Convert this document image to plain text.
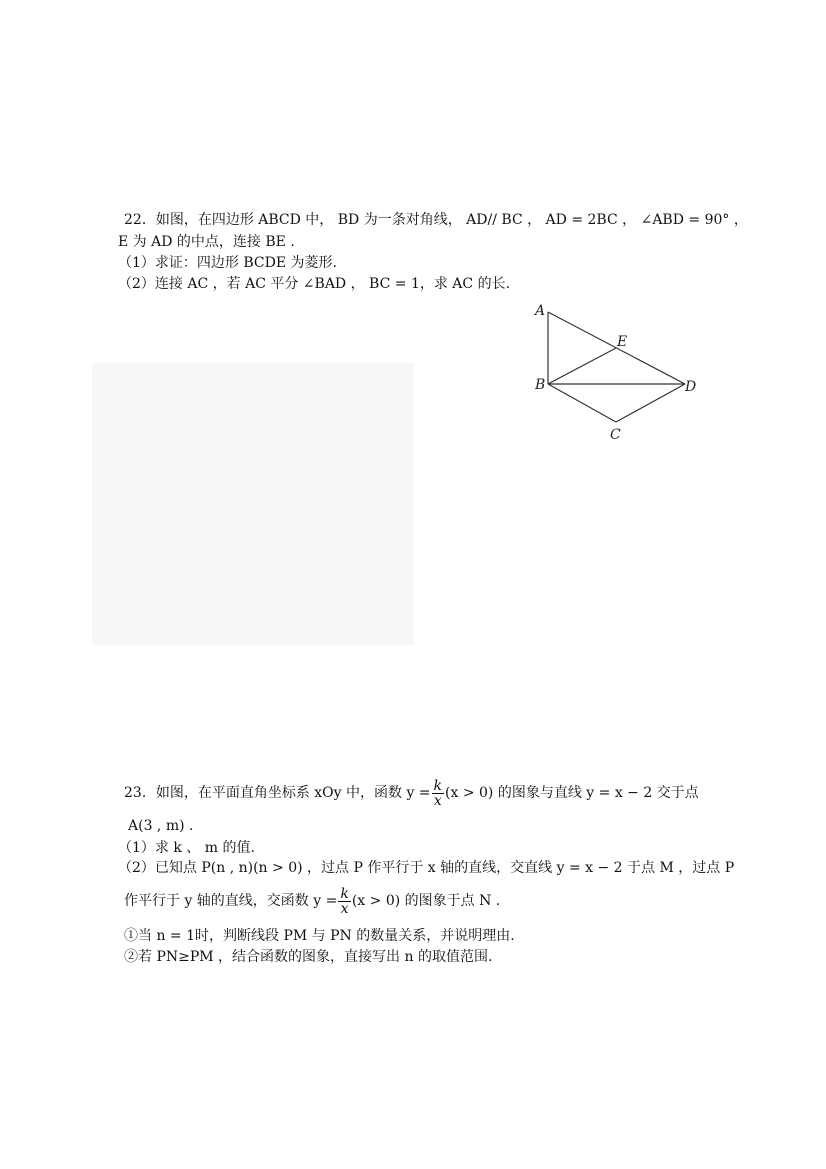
22．如图，在四边形 ABCD 中， BD 为一条对角线， AD// BC ， AD = 2BC ， ∠ABD = 90° ，
E 为 AD 的中点，连接 BE .
（1）求证：四边形 BCDE 为菱形.
（2）连接 AC ，若 AC 平分 ∠BAD ， BC = 1，求 AC 的长.
A
E
B	D
C
23．如图，在平面直角坐标系 xOy 中，函数 $y = \frac{k}{x} (x > 0)$ 的图象与直线 y = x − 2 交于点
A(3 , m) .
（1）求 k 、 m 的值.
（2）已知点 P(n , n)(n > 0) ，过点 P 作平行于 x 轴的直线，交直线 y = x − 2 于点 M ，过点 P
作平行于 y 轴的直线，交函数 $y = \frac{k}{x} (x > 0)$ 的图象于点 N .
①当 n = 1时，判断线段 PM 与 PN 的数量关系，并说明理由.
②若 PN≥PM ，结合函数的图象，直接写出 n 的取值范围.
